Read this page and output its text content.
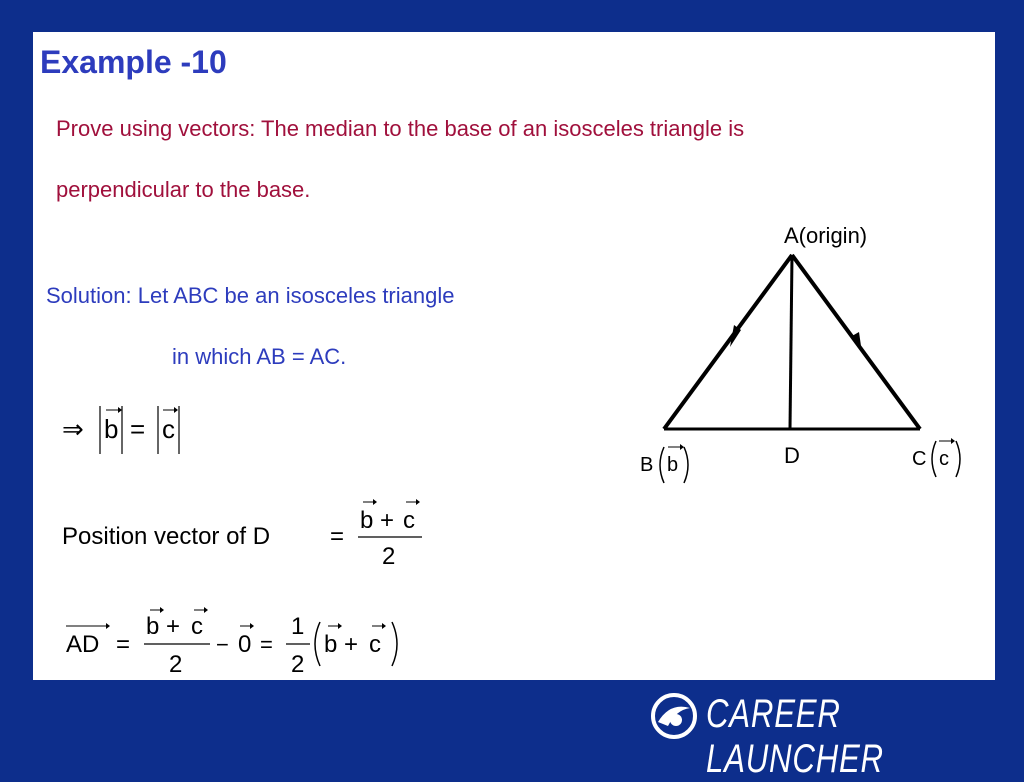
Example -10
Prove using vectors: The median to the base of an isosceles triangle is
perpendicular to the base.
Solution: Let ABC be an isosceles triangle
in which AB = AC.
A(origin)
D
B b	C c
⇒ b = c
Position vector of D =
b + c
2
AD =
b + c
2
− 0 =
1
2
b + c
CAREER LAUNCHER
